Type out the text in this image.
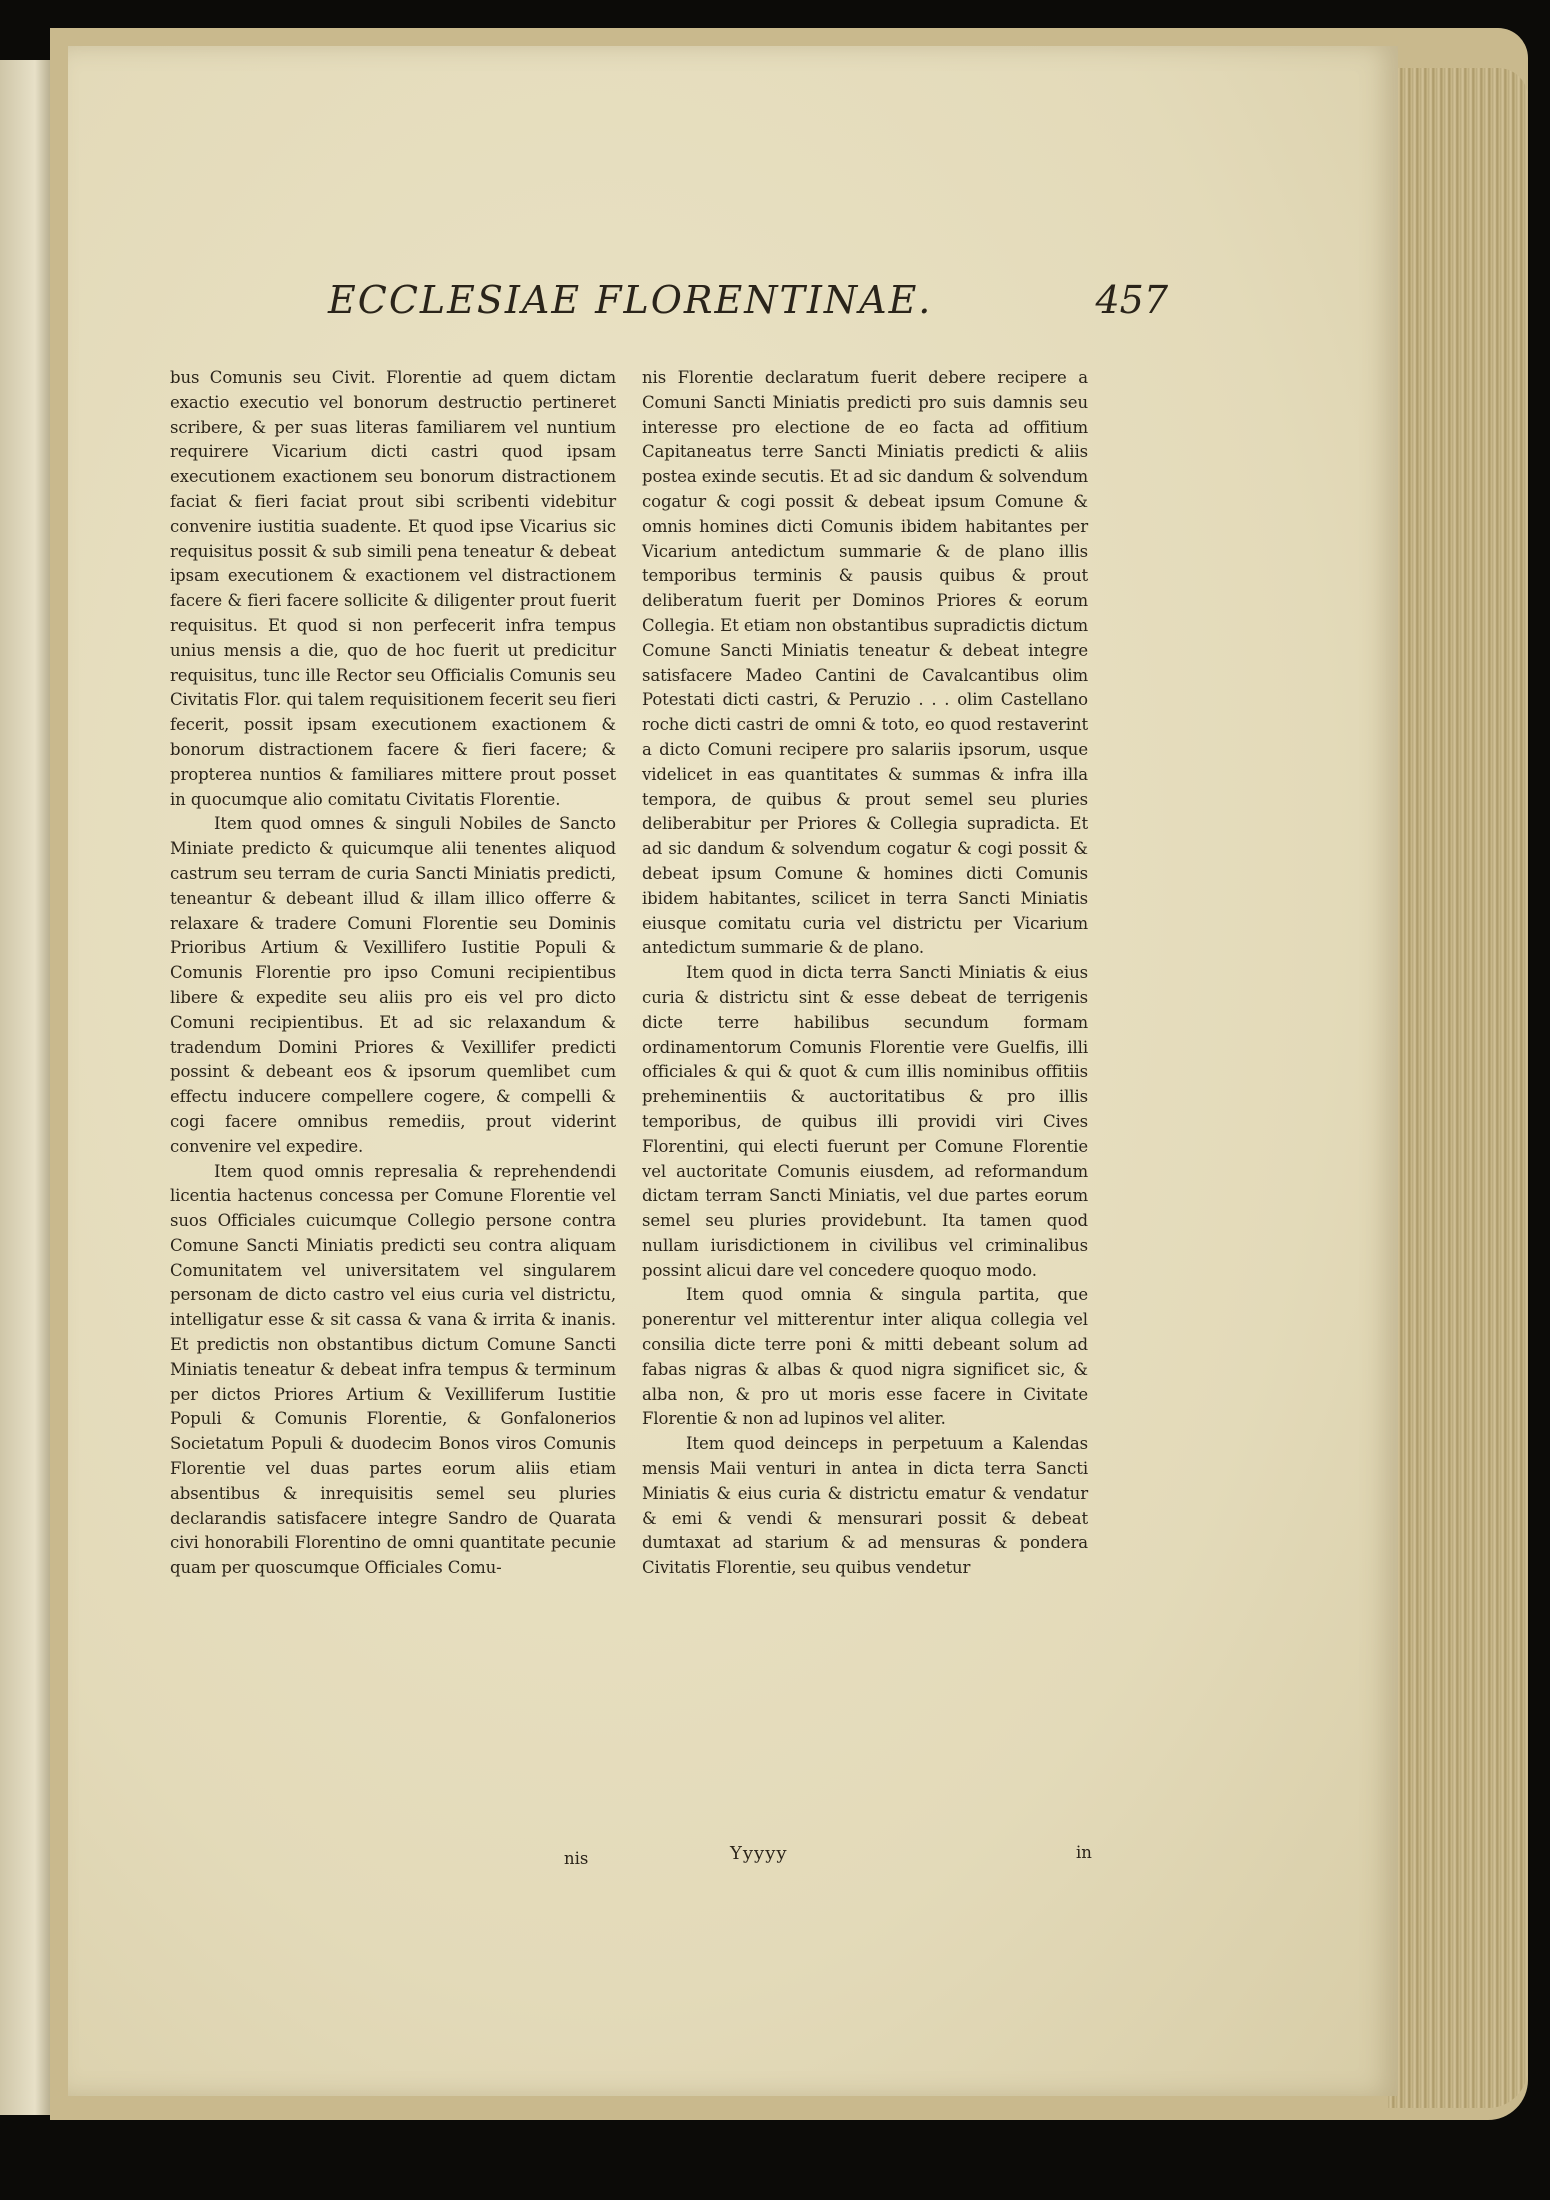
ECCLESIAE FLORENTINAE.	457

bus Comunis seu Civit. Florentie ad quem dictam exactio executio vel bonorum destructio pertineret scribere, & per suas literas familiarem vel nuntium requirere Vicarium dicti castri quod ipsam executionem exactionem seu bonorum distractionem faciat & fieri faciat prout sibi scribenti videbitur convenire iustitia suadente. Et quod ipse Vicarius sic requisitus possit & sub simili pena teneatur & debeat ipsam executionem & exactionem vel distractionem facere & fieri facere sollicite & diligenter prout fuerit requisitus. Et quod si non perfecerit infra tempus unius mensis a die, quo de hoc fuerit ut predicitur requisitus, tunc ille Rector seu Officialis Comunis seu Civitatis Flor. qui talem requisitionem fecerit seu fieri fecerit, possit ipsam executionem exactionem & bonorum distractionem facere & fieri facere; & propterea nuntios & familiares mittere prout posset in quocumque alio comitatu Civitatis Florentie.

Item quod omnes & singuli Nobiles de Sancto Miniate predicto & quicumque alii tenentes aliquod castrum seu terram de curia Sancti Miniatis predicti, teneantur & debeant illud & illam illico offerre & relaxare & tradere Comuni Florentie seu Dominis Prioribus Artium & Vexillifero Iustitie Populi & Comunis Florentie pro ipso Comuni recipientibus libere & expedite seu aliis pro eis vel pro dicto Comuni recipientibus. Et ad sic relaxandum & tradendum Domini Priores & Vexillifer predicti possint & debeant eos & ipsorum quemlibet cum effectu inducere compellere cogere, & compelli & cogi facere omnibus remediis, prout viderint convenire vel expedire.

Item quod omnis represalia & reprehendendi licentia hactenus concessa per Comune Florentie vel suos Officiales cuicumque Collegio persone contra Comune Sancti Miniatis predicti seu contra aliquam Comunitatem vel universitatem vel singularem personam de dicto castro vel eius curia vel districtu, intelligatur esse & sit cassa & vana & irrita & inanis. Et predictis non obstantibus dictum Comune Sancti Miniatis teneatur & debeat infra tempus & terminum per dictos Priores Artium & Vexilliferum Iustitie Populi & Comunis Florentie, & Gonfalonerios Societatum Populi & duodecim Bonos viros Comunis Florentie vel duas partes eorum aliis etiam absentibus & inrequisitis semel seu pluries declarandis satisfacere integre Sandro de Quarata civi honorabili Florentino de omni quantitate pecunie quam per quoscumque Officiales Comu-

nis Florentie declaratum fuerit debere recipere a Comuni Sancti Miniatis predicti pro suis damnis seu interesse pro electione de eo facta ad offitium Capitaneatus terre Sancti Miniatis predicti & aliis postea exinde secutis. Et ad sic dandum & solvendum cogatur & cogi possit & debeat ipsum Comune & omnis homines dicti Comunis ibidem habitantes per Vicarium antedictum summarie & de plano illis temporibus terminis & pausis quibus & prout deliberatum fuerit per Dominos Priores & eorum Collegia. Et etiam non obstantibus supradictis dictum Comune Sancti Miniatis teneatur & debeat integre satisfacere Madeo Cantini de Cavalcantibus olim Potestati dicti castri, & Peruzio . . . olim Castellano roche dicti castri de omni & toto, eo quod restaverint a dicto Comuni recipere pro salariis ipsorum, usque videlicet in eas quantitates & summas & infra illa tempora, de quibus & prout semel seu pluries deliberabitur per Priores & Collegia supradicta. Et ad sic dandum & solvendum cogatur & cogi possit & debeat ipsum Comune & homines dicti Comunis ibidem habitantes, scilicet in terra Sancti Miniatis eiusque comitatu curia vel districtu per Vicarium antedictum summarie & de plano.

Item quod in dicta terra Sancti Miniatis & eius curia & districtu sint & esse debeat de terrigenis dicte terre habilibus secundum formam ordinamentorum Comunis Florentie vere Guelfis, illi officiales & qui & quot & cum illis nominibus offitiis preheminentiis & auctoritatibus & pro illis temporibus, de quibus illi providi viri Cives Florentini, qui electi fuerunt per Comune Florentie vel auctoritate Comunis eiusdem, ad reformandum dictam terram Sancti Miniatis, vel due partes eorum semel seu pluries providebunt. Ita tamen quod nullam iurisdictionem in civilibus vel criminalibus possint alicui dare vel concedere quoquo modo.

Item quod omnia & singula partita, que ponerentur vel mitterentur inter aliqua collegia vel consilia dicte terre poni & mitti debeant solum ad fabas nigras & albas & quod nigra significet sic, & alba non, & pro ut moris esse facere in Civitate Florentie & non ad lupinos vel aliter.

Item quod deinceps in perpetuum a Kalendas mensis Maii venturi in antea in dicta terra Sancti Miniatis & eius curia & districtu ematur & vendatur & emi & vendi & mensurari possit & debeat dumtaxat ad starium & ad mensuras & pondera Civitatis Florentie, seu quibus vendetur

nis	Yyyyy	in
